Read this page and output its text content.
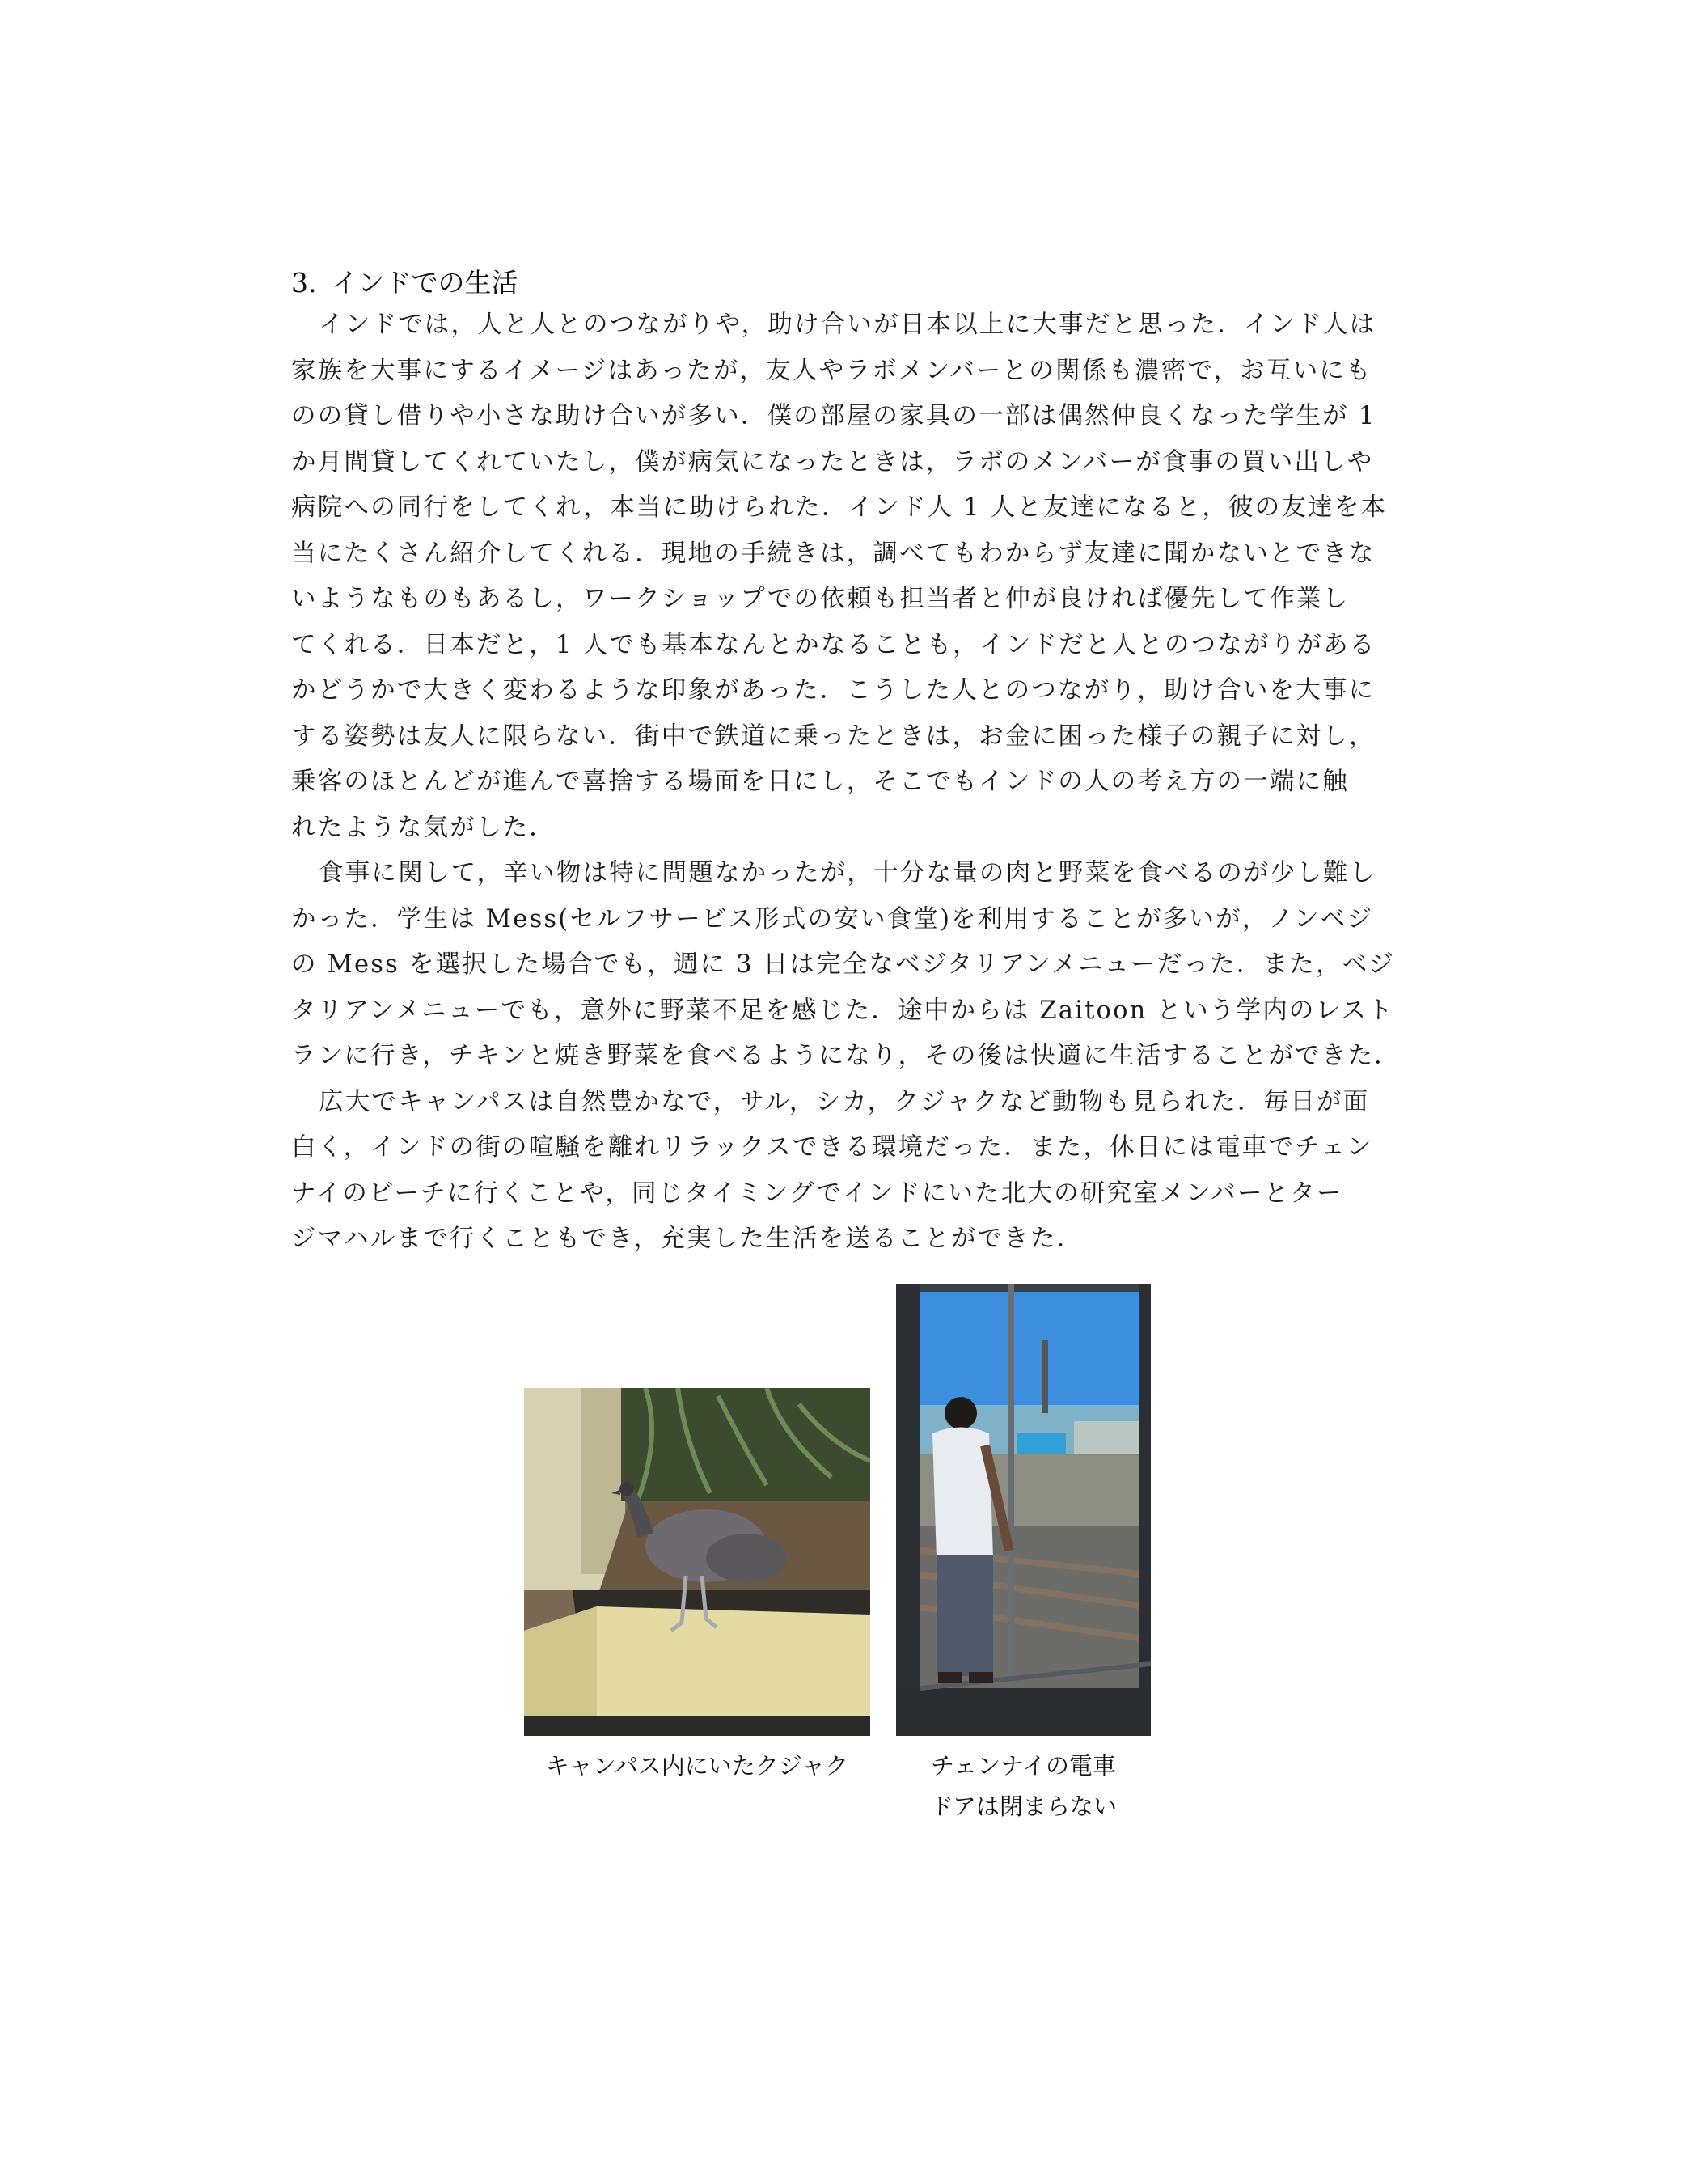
3. インドでの生活

インドでは，人と人とのつながりや，助け合いが日本以上に大事だと思った．インド人は

家族を大事にするイメージはあったが，友人やラボメンバーとの関係も濃密で，お互いにも

のの貸し借りや小さな助け合いが多い．僕の部屋の家具の一部は偶然仲良くなった学生が 1

か月間貸してくれていたし，僕が病気になったときは，ラボのメンバーが食事の買い出しや

病院への同行をしてくれ，本当に助けられた．インド人 1 人と友達になると，彼の友達を本

当にたくさん紹介してくれる．現地の手続きは，調べてもわからず友達に聞かないとできな

いようなものもあるし，ワークショップでの依頼も担当者と仲が良ければ優先して作業し

てくれる．日本だと，1 人でも基本なんとかなることも，インドだと人とのつながりがある

かどうかで大きく変わるような印象があった．こうした人とのつながり，助け合いを大事に

する姿勢は友人に限らない．街中で鉄道に乗ったときは，お金に困った様子の親子に対し，

乗客のほとんどが進んで喜捨する場面を目にし，そこでもインドの人の考え方の一端に触

れたような気がした．

食事に関して，辛い物は特に問題なかったが，十分な量の肉と野菜を食べるのが少し難し

かった．学生は Mess(セルフサービス形式の安い食堂)を利用することが多いが，ノンベジ

の Mess を選択した場合でも，週に 3 日は完全なベジタリアンメニューだった．また，ベジ

タリアンメニューでも，意外に野菜不足を感じた．途中からは Zaitoon という学内のレスト

ランに行き，チキンと焼き野菜を食べるようになり，その後は快適に生活することができた．

広大でキャンパスは自然豊かなで，サル，シカ，クジャクなど動物も見られた．毎日が面

白く，インドの街の喧騒を離れリラックスできる環境だった．また，休日には電車でチェン

ナイのビーチに行くことや，同じタイミングでインドにいた北大の研究室メンバーとター

ジマハルまで行くこともでき，充実した生活を送ることができた．

キャンパス内にいたクジャク	チェンナイの電車
ドアは閉まらない
